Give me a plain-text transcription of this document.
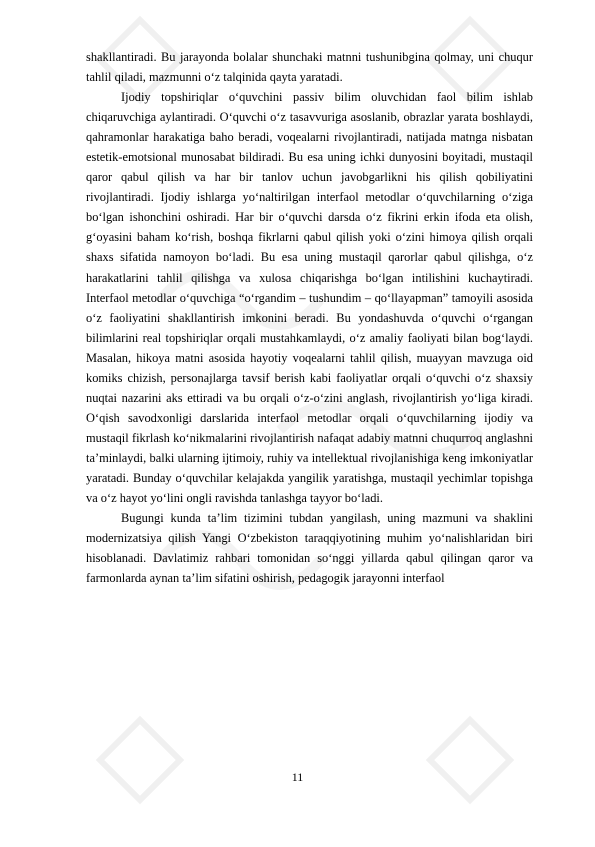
shakllantiradi. Bu jarayonda bolalar shunchaki matnni tushunibgina qolmay, uni chuqur tahlil qiladi, mazmunni o‘z talqinida qayta yaratadi.

Ijodiy topshiriqlar o‘quvchini passiv bilim oluvchidan faol bilim ishlab chiqaruvchiga aylantiradi. O‘quvchi o‘z tasavvuriga asoslanib, obrazlar yarata boshlaydi, qahramonlar harakatiga baho beradi, voqealarni rivojlantiradi, natijada matnga nisbatan estetik-emotsional munosabat bildiradi. Bu esa uning ichki dunyosini boyitadi, mustaqil qaror qabul qilish va har bir tanlov uchun javobgarlikni his qilish qobiliyatini rivojlantiradi. Ijodiy ishlarga yo‘naltirilgan interfaol metodlar o‘quvchilarning o‘ziga bo‘lgan ishonchini oshiradi. Har bir o‘quvchi darsda o‘z fikrini erkin ifoda eta olish, g‘oyasini baham ko‘rish, boshqa fikrlarni qabul qilish yoki o‘zini himoya qilish orqali shaxs sifatida namoyon bo‘ladi. Bu esa uning mustaqil qarorlar qabul qilishga, o‘z harakatlarini tahlil qilishga va xulosa chiqarishga bo‘lgan intilishini kuchaytiradi. Interfaol metodlar o‘quvchiga “o‘rgandim – tushundim – qo‘llayapman” tamoyili asosida o‘z faoliyatini shakllantirish imkonini beradi. Bu yondashuvda o‘quvchi o‘rgangan bilimlarini real topshiriqlar orqali mustahkamlaydi, o‘z amaliy faoliyati bilan bog‘laydi. Masalan, hikoya matni asosida hayotiy voqealarni tahlil qilish, muayyan mavzuga oid komiks chizish, personajlarga tavsif berish kabi faoliyatlar orqali o‘quvchi o‘z shaxsiy nuqtai nazarini aks ettiradi va bu orqali o‘z-o‘zini anglash, rivojlantirish yo‘liga kiradi. O‘qish savodxonligi darslarida interfaol metodlar orqali o‘quvchilarning ijodiy va mustaqil fikrlash ko‘nikmalarini rivojlantirish nafaqat adabiy matnni chuqurroq anglashni ta’minlaydi, balki ularning ijtimoiy, ruhiy va intellektual rivojlanishiga keng imkoniyatlar yaratadi. Bunday o‘quvchilar kelajakda yangilik yaratishga, mustaqil yechimlar topishga va o‘z hayot yo‘lini ongli ravishda tanlashga tayyor bo‘ladi.

Bugungi kunda ta’lim tizimini tubdan yangilash, uning mazmuni va shaklini modernizatsiya qilish Yangi O‘zbekiston taraqqiyotining muhim yo‘nalishlaridan biri hisoblanadi. Davlatimiz rahbari tomonidan so‘nggi yillarda qabul qilingan qaror va farmonlarda aynan ta’lim sifatini oshirish, pedagogik jarayonni interfaol

11
